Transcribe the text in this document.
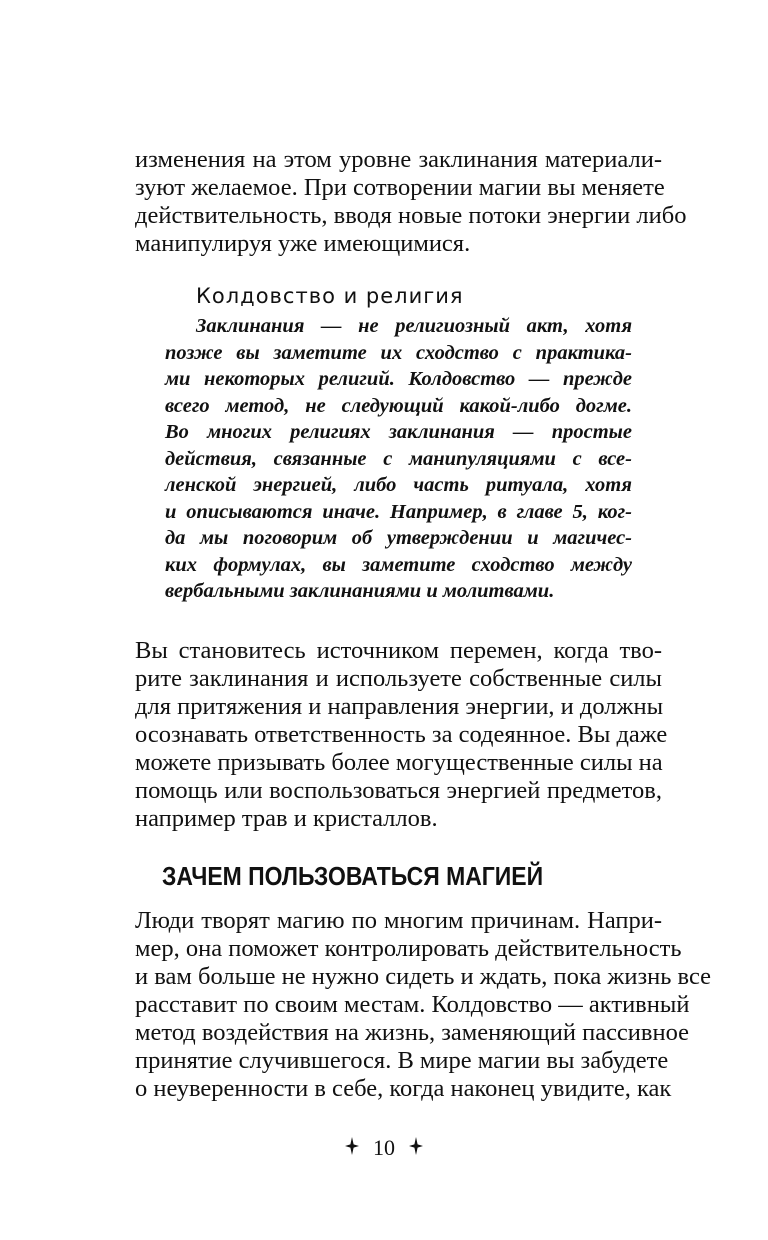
изменения на этом уровне заклинания материали-
зуют желаемое. При сотворении магии вы меняете
действительность, вводя новые потоки энергии либо
манипулируя уже имеющимися.
Колдовство и религия
Заклинания — не религиозный акт, хотя
позже вы заметите их сходство с практика-
ми некоторых религий. Колдовство — прежде
всего метод, не следующий какой-либо догме.
Во многих религиях заклинания — простые
действия, связанные с манипуляциями с все-
ленской энергией, либо часть ритуала, хотя
и описываются иначе. Например, в главе 5, ког-
да мы поговорим об утверждении и магичес-
ких формулах, вы заметите сходство между
вербальными заклинаниями и молитвами.
Вы становитесь источником перемен, когда тво-
рите заклинания и используете собственные силы
для притяжения и направления энергии, и должны
осознавать ответственность за содеянное. Вы даже
можете призывать более могущественные силы на
помощь или воспользоваться энергией предметов,
например трав и кристаллов.
ЗАЧЕМ ПОЛЬЗОВАТЬСЯ МАГИЕЙ
Люди творят магию по многим причинам. Напри-
мер, она поможет контролировать действительность
и вам больше не нужно сидеть и ждать, пока жизнь все
расставит по своим местам. Колдовство — активный
метод воздействия на жизнь, заменяющий пассивное
принятие случившегося. В мире магии вы забудете
о неуверенности в себе, когда наконец увидите, как
10
